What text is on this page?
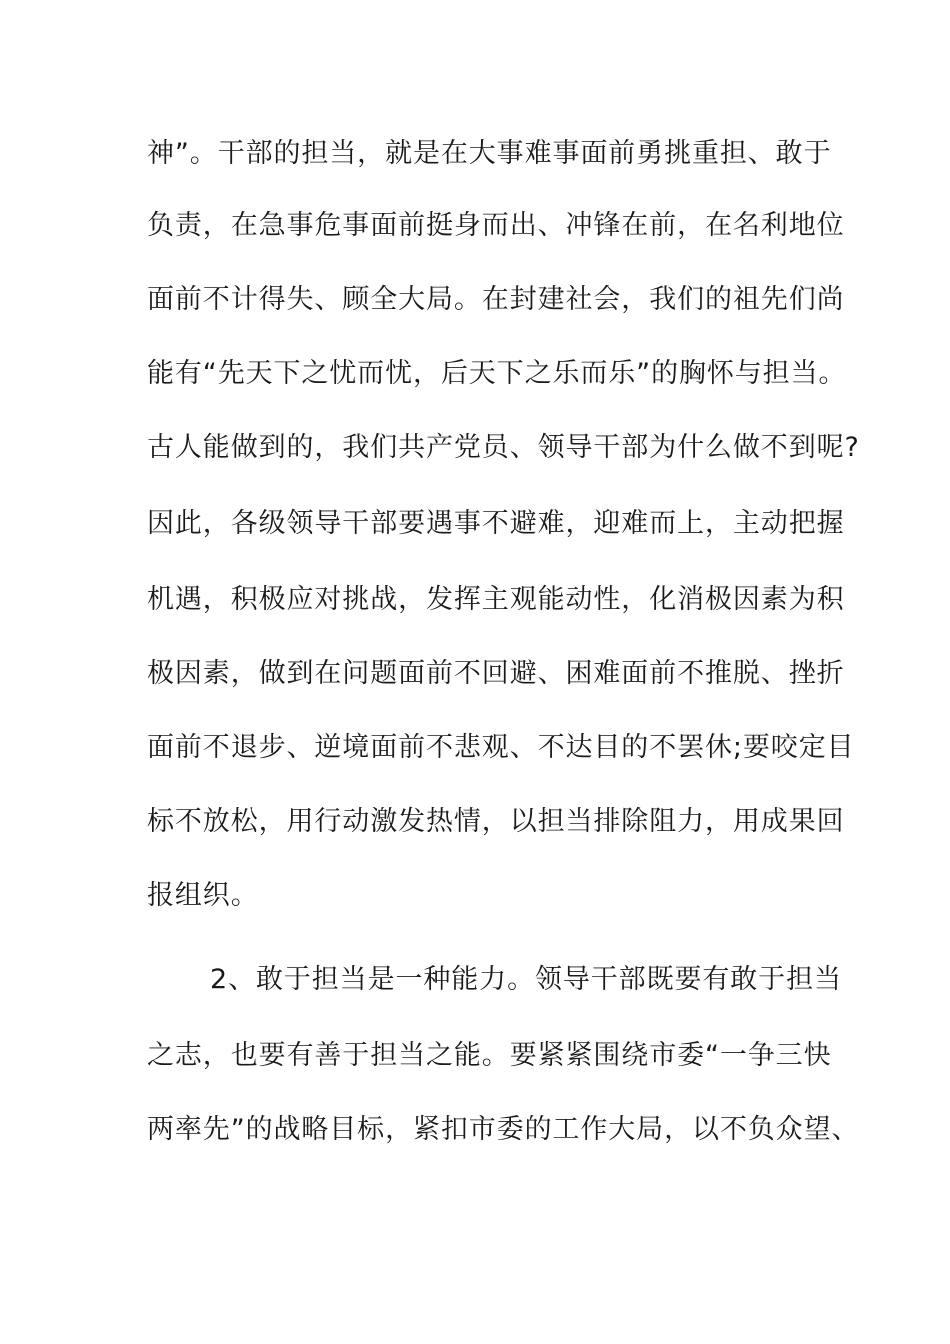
神”。干部的担当，就是在大事难事面前勇挑重担、敢于
负责，在急事危事面前挺身而出、冲锋在前，在名利地位
面前不计得失、顾全大局。在封建社会，我们的祖先们尚
能有“先天下之忧而忧，后天下之乐而乐”的胸怀与担当。
古人能做到的，我们共产党员、领导干部为什么做不到呢?
因此，各级领导干部要遇事不避难，迎难而上，主动把握
机遇，积极应对挑战，发挥主观能动性，化消极因素为积
极因素，做到在问题面前不回避、困难面前不推脱、挫折
面前不退步、逆境面前不悲观、不达目的不罢休;要咬定目
标不放松，用行动激发热情，以担当排除阻力，用成果回
报组织。
2、敢于担当是一种能力。领导干部既要有敢于担当
之志，也要有善于担当之能。要紧紧围绕市委“一争三快
两率先”的战略目标，紧扣市委的工作大局，以不负众望、
